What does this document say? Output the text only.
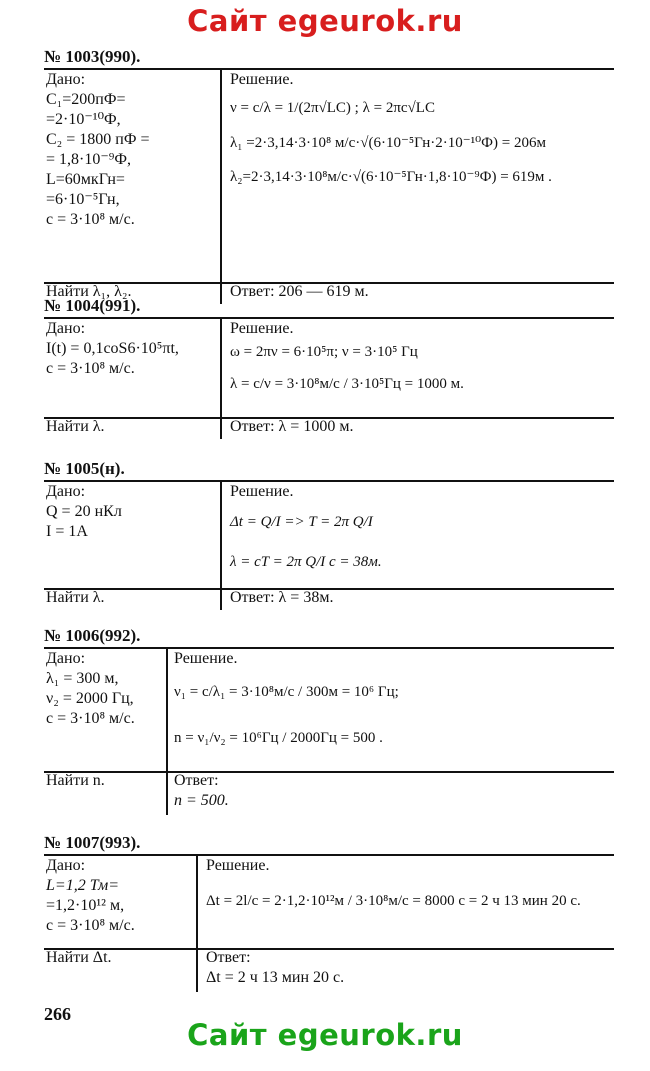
Сайт egeurok.ru
№ 1003(990).
Дано:
C₁=200пФ=
=2·10⁻¹⁰Ф,
C₂ = 1800 пФ =
= 1,8·10⁻⁹Ф,
L=60мкГн=
=6·10⁻⁵Гн,
c = 3·10⁸ м/с.
Решение.
ν = c/λ = 1/(2π√LC) ; λ = 2πc√LC
λ₁ =2·3,14·3·10⁸ м/с·√(6·10⁻⁵Гн·2·10⁻¹⁰Ф) = 206м
λ₂=2·3,14·3·10⁸м/с·√(6·10⁻⁵Гн·1,8·10⁻⁹Ф) = 619м .
Найти λ₁, λ₂.	Ответ: 206 — 619 м.
№ 1004(991).
Дано:
I(t) = 0,1coS6·10⁵πt,
c = 3·10⁸ м/с.
Решение.
ω = 2πν = 6·10⁵π; ν = 3·10⁵ Гц
λ = c/ν = 3·10⁸м/с / 3·10⁵Гц = 1000 м.
Найти λ.	Ответ: λ = 1000 м.
№ 1005(н).
Дано:
Q = 20 нКл
I = 1A
Решение.
Δt = Q/I => T = 2π Q/I
λ = cT = 2π Q/I c = 38м.
Найти λ.	Ответ: λ = 38м.
№ 1006(992).
Дано:
λ₁ = 300 м,
ν₂ = 2000 Гц,
c = 3·10⁸ м/с.
Решение.
ν₁ = c/λ₁ = 3·10⁸м/с / 300м = 10⁶ Гц;
n = ν₁/ν₂ = 10⁶Гц / 2000Гц = 500 .
Найти n.	Ответ:
n = 500.
№ 1007(993).
Дано:
L=1,2 Тм=
=1,2·10¹² м,
c = 3·10⁸ м/с.
Решение.
Δt = 2l/c = 2·1,2·10¹²м / 3·10⁸м/с = 8000 с = 2 ч 13 мин 20 с.
Найти Δt.	Ответ:
Δt = 2 ч 13 мин 20 с.
266
Сайт egeurok.ru
